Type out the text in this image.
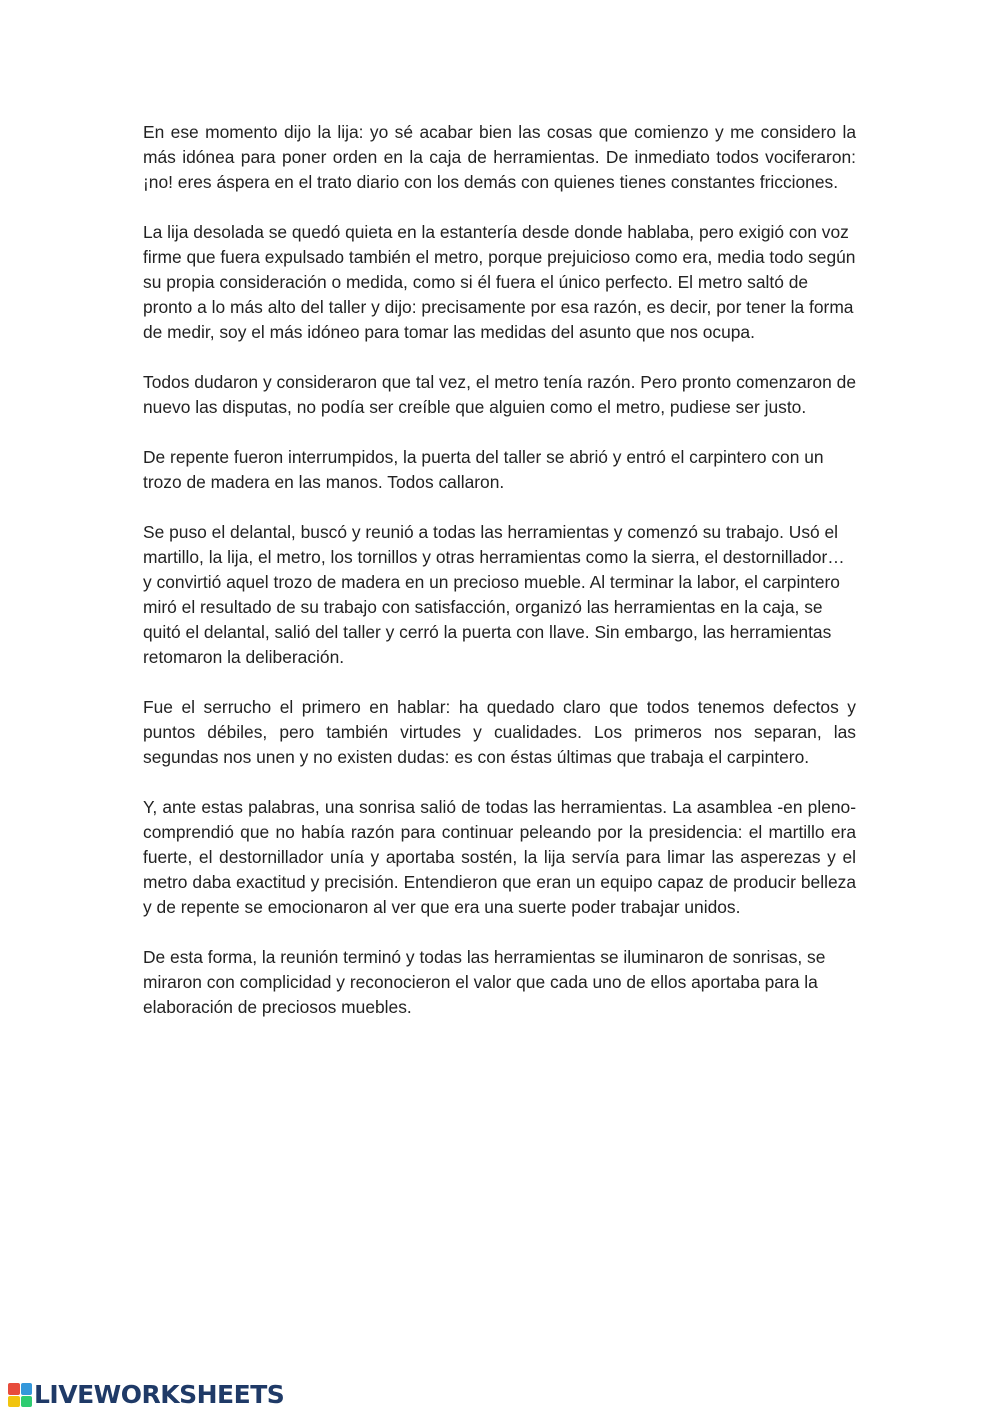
En ese momento dijo la lija: yo sé acabar bien las cosas que comienzo y me considero la más idónea para poner orden en la caja de herramientas. De inmediato todos vociferaron: ¡no! eres áspera en el trato diario con los demás con quienes tienes constantes fricciones.

La lija desolada se quedó quieta en la estantería desde donde hablaba, pero exigió con voz firme que fuera expulsado también el metro, porque prejuicioso como era, media todo según su propia consideración o medida, como si él fuera el único perfecto. El metro saltó de pronto a lo más alto del taller y dijo: precisamente por esa razón, es decir, por tener la forma de medir, soy el más idóneo para tomar las medidas del asunto que nos ocupa.

Todos dudaron y consideraron que tal vez, el metro tenía razón. Pero pronto comenzaron de nuevo las disputas, no podía ser creíble que alguien como el metro, pudiese ser justo.

De repente fueron interrumpidos, la puerta del taller se abrió y entró el carpintero con un trozo de madera en las manos. Todos callaron.

Se puso el delantal, buscó y reunió a todas las herramientas y comenzó su trabajo. Usó el martillo, la lija, el metro, los tornillos y otras herramientas como la sierra, el destornillador… y convirtió aquel trozo de madera en un precioso mueble. Al terminar la labor, el carpintero miró el resultado de su trabajo con satisfacción, organizó las herramientas en la caja, se quitó el delantal, salió del taller y cerró la puerta con llave. Sin embargo, las herramientas retomaron la deliberación.

Fue el serrucho el primero en hablar: ha quedado claro que todos tenemos defectos y puntos débiles, pero también virtudes y cualidades. Los primeros nos separan, las segundas nos unen y no existen dudas: es con éstas últimas que trabaja el carpintero.

Y, ante estas palabras, una sonrisa salió de todas las herramientas. La asamblea -en pleno- comprendió que no había razón para continuar peleando por la presidencia: el martillo era fuerte, el destornillador unía y aportaba sostén, la lija servía para limar las asperezas y el metro daba exactitud y precisión. Entendieron que eran un equipo capaz de producir belleza y de repente se emocionaron al ver que era una suerte poder trabajar unidos.

De esta forma, la reunión terminó y todas las herramientas se iluminaron de sonrisas, se miraron con complicidad y reconocieron el valor que cada uno de ellos aportaba para la elaboración de preciosos muebles.

LIVEWORKSHEETS
